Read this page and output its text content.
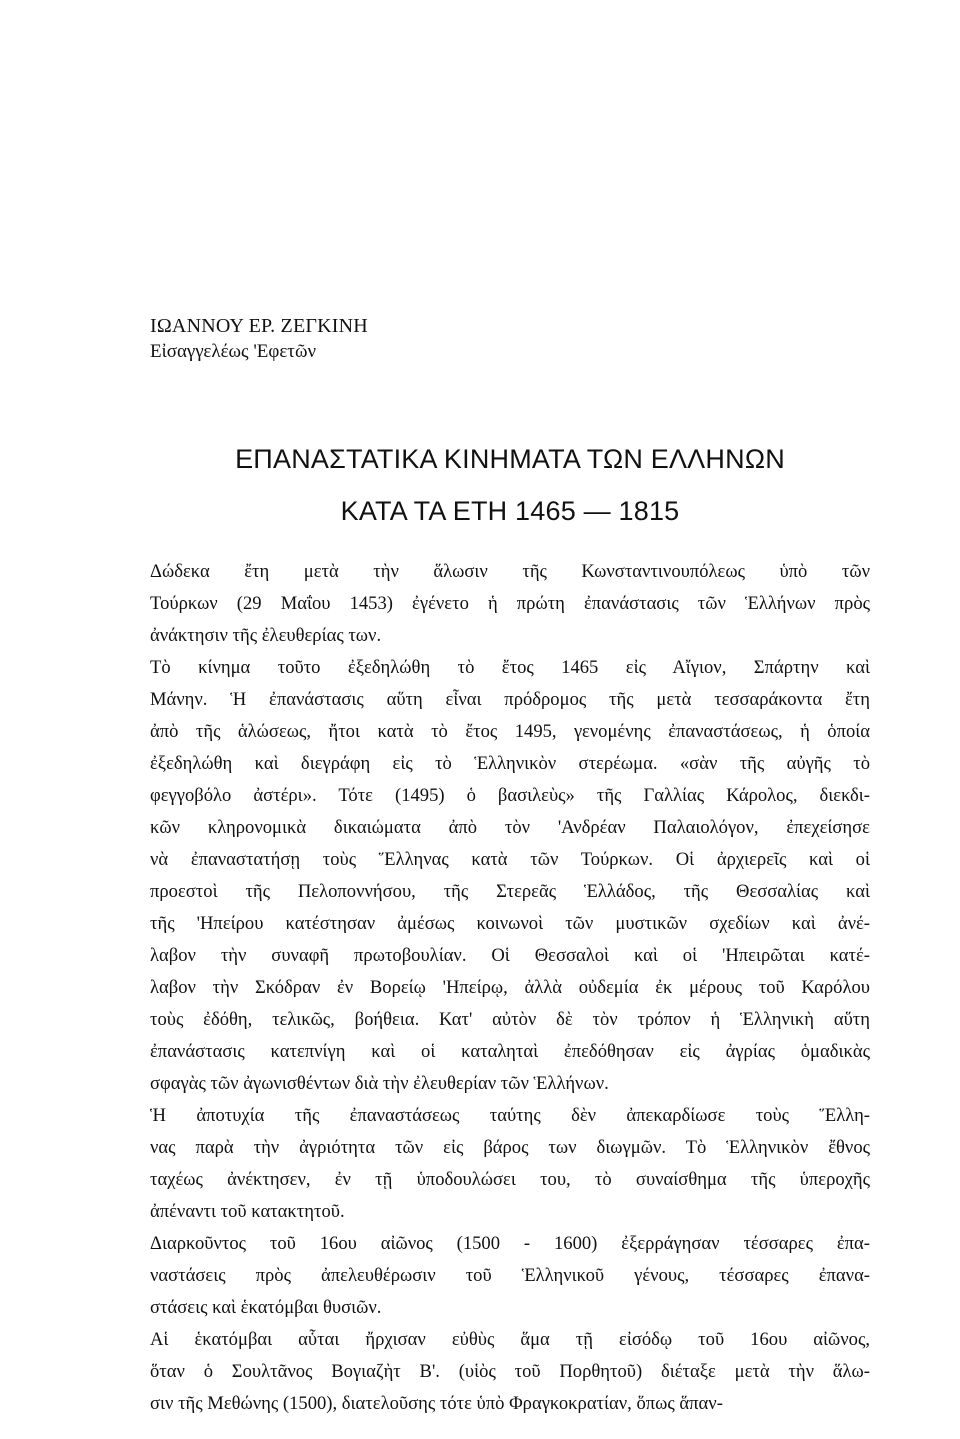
ΙΩΑΝΝΟΥ ΕΡ. ΖΕΓΚΙΝΗ
Εἰσαγγελέως 'Εφετῶν
ΕΠΑΝΑΣΤΑΤΙΚΑ ΚΙΝΗΜΑΤΑ ΤΩΝ ΕΛΛΗΝΩΝ
ΚΑΤΑ ΤΑ ΕΤΗ 1465 — 1815
Δώδεκα ἔτη μετὰ τὴν ἅλωσιν τῆς Κωνσταντινουπόλεως ὑπὸ τῶν
Τούρκων (29 Μαΐου 1453) ἐγένετο ἡ πρώτη ἐπανάστασις τῶν Ἑλλήνων πρὸς
ἀνάκτησιν τῆς ἐλευθερίας των.
Τὸ κίνημα τοῦτο ἐξεδηλώθη τὸ ἔτος 1465 εἰς Αἴγιον, Σπάρτην καὶ
Μάνην. Ἡ ἐπανάστασις αὕτη εἶναι πρόδρομος τῆς μετὰ τεσσαράκοντα ἔτη
ἀπὸ τῆς ἁλώσεως, ἤτοι κατὰ τὸ ἔτος 1495, γενομένης ἐπαναστάσεως, ἡ ὁποία
ἐξεδηλώθη καὶ διεγράφη εἰς τὸ Ἑλληνικὸν στερέωμα. «σὰν τῆς αὐγῆς τὸ
φεγγοβόλο ἀστέρι». Τότε (1495) ὁ βασιλεὺς» τῆς Γαλλίας Κάρολος, διεκδι-
κῶν κληρονομικὰ δικαιώματα ἀπὸ τὸν 'Ανδρέαν Παλαιολόγον, ἐπεχείσησε
νὰ ἐπαναστατήσῃ τοὺς Ἕλληνας κατὰ τῶν Τούρκων. Οἱ ἀρχιερεῖς καὶ οἱ
προεστοὶ τῆς Πελοποννήσου, τῆς Στερεᾶς Ἑλλάδος, τῆς Θεσσαλίας καὶ
τῆς 'Ηπείρου κατέστησαν ἀμέσως κοινωνοὶ τῶν μυστικῶν σχεδίων καὶ ἀνέ-
λαβον τὴν συναφῆ πρωτοβουλίαν. Οἱ Θεσσαλοὶ καὶ οἱ 'Ηπειρῶται κατέ-
λαβον τὴν Σκόδραν ἐν Βορείῳ 'Ηπείρῳ, ἀλλὰ οὐδεμία ἐκ μέρους τοῦ Καρόλου
τοὺς ἐδόθη, τελικῶς, βοήθεια. Κατ' αὐτὸν δὲ τὸν τρόπον ἡ Ἑλληνικὴ αὕτη
ἐπανάστασις κατεπνίγη καὶ οἱ καταληταὶ ἐπεδόθησαν εἰς ἀγρίας ὁμαδικὰς
σφαγὰς τῶν ἀγωνισθέντων διὰ τὴν ἐλευθερίαν τῶν Ἑλλήνων.
Ἡ ἀποτυχία τῆς ἐπαναστάσεως ταύτης δὲν ἀπεκαρδίωσε τοὺς Ἕλλη-
νας παρὰ τὴν ἀγριότητα τῶν εἰς βάρος των διωγμῶν. Τὸ Ἑλληνικὸν ἔθνος
ταχέως ἀνέκτησεν, ἐν τῇ ὑποδουλώσει του, τὸ συναίσθημα τῆς ὑπεροχῆς
ἀπέναντι τοῦ κατακτητοῦ.
Διαρκοῦντος τοῦ 16ου αἰῶνος (1500 - 1600) ἐξερράγησαν τέσσαρες ἐπα-
ναστάσεις πρὸς ἀπελευθέρωσιν τοῦ Ἑλληνικοῦ γένους, τέσσαρες ἐπανα-
στάσεις καὶ ἑκατόμβαι θυσιῶν.
Αἱ ἑκατόμβαι αὗται ἤρχισαν εὐθὺς ἅμα τῇ εἰσόδῳ τοῦ 16ου αἰῶνος,
ὅταν ὁ Σουλτᾶνος Βογιαζὴτ Β'. (υἱὸς τοῦ Πορθητοῦ) διέταξε μετὰ τὴν ἅλω-
σιν τῆς Μεθώνης (1500), διατελοῦσης τότε ὑπὸ Φραγκοκρατίαν, ὅπως ἅπαν-
